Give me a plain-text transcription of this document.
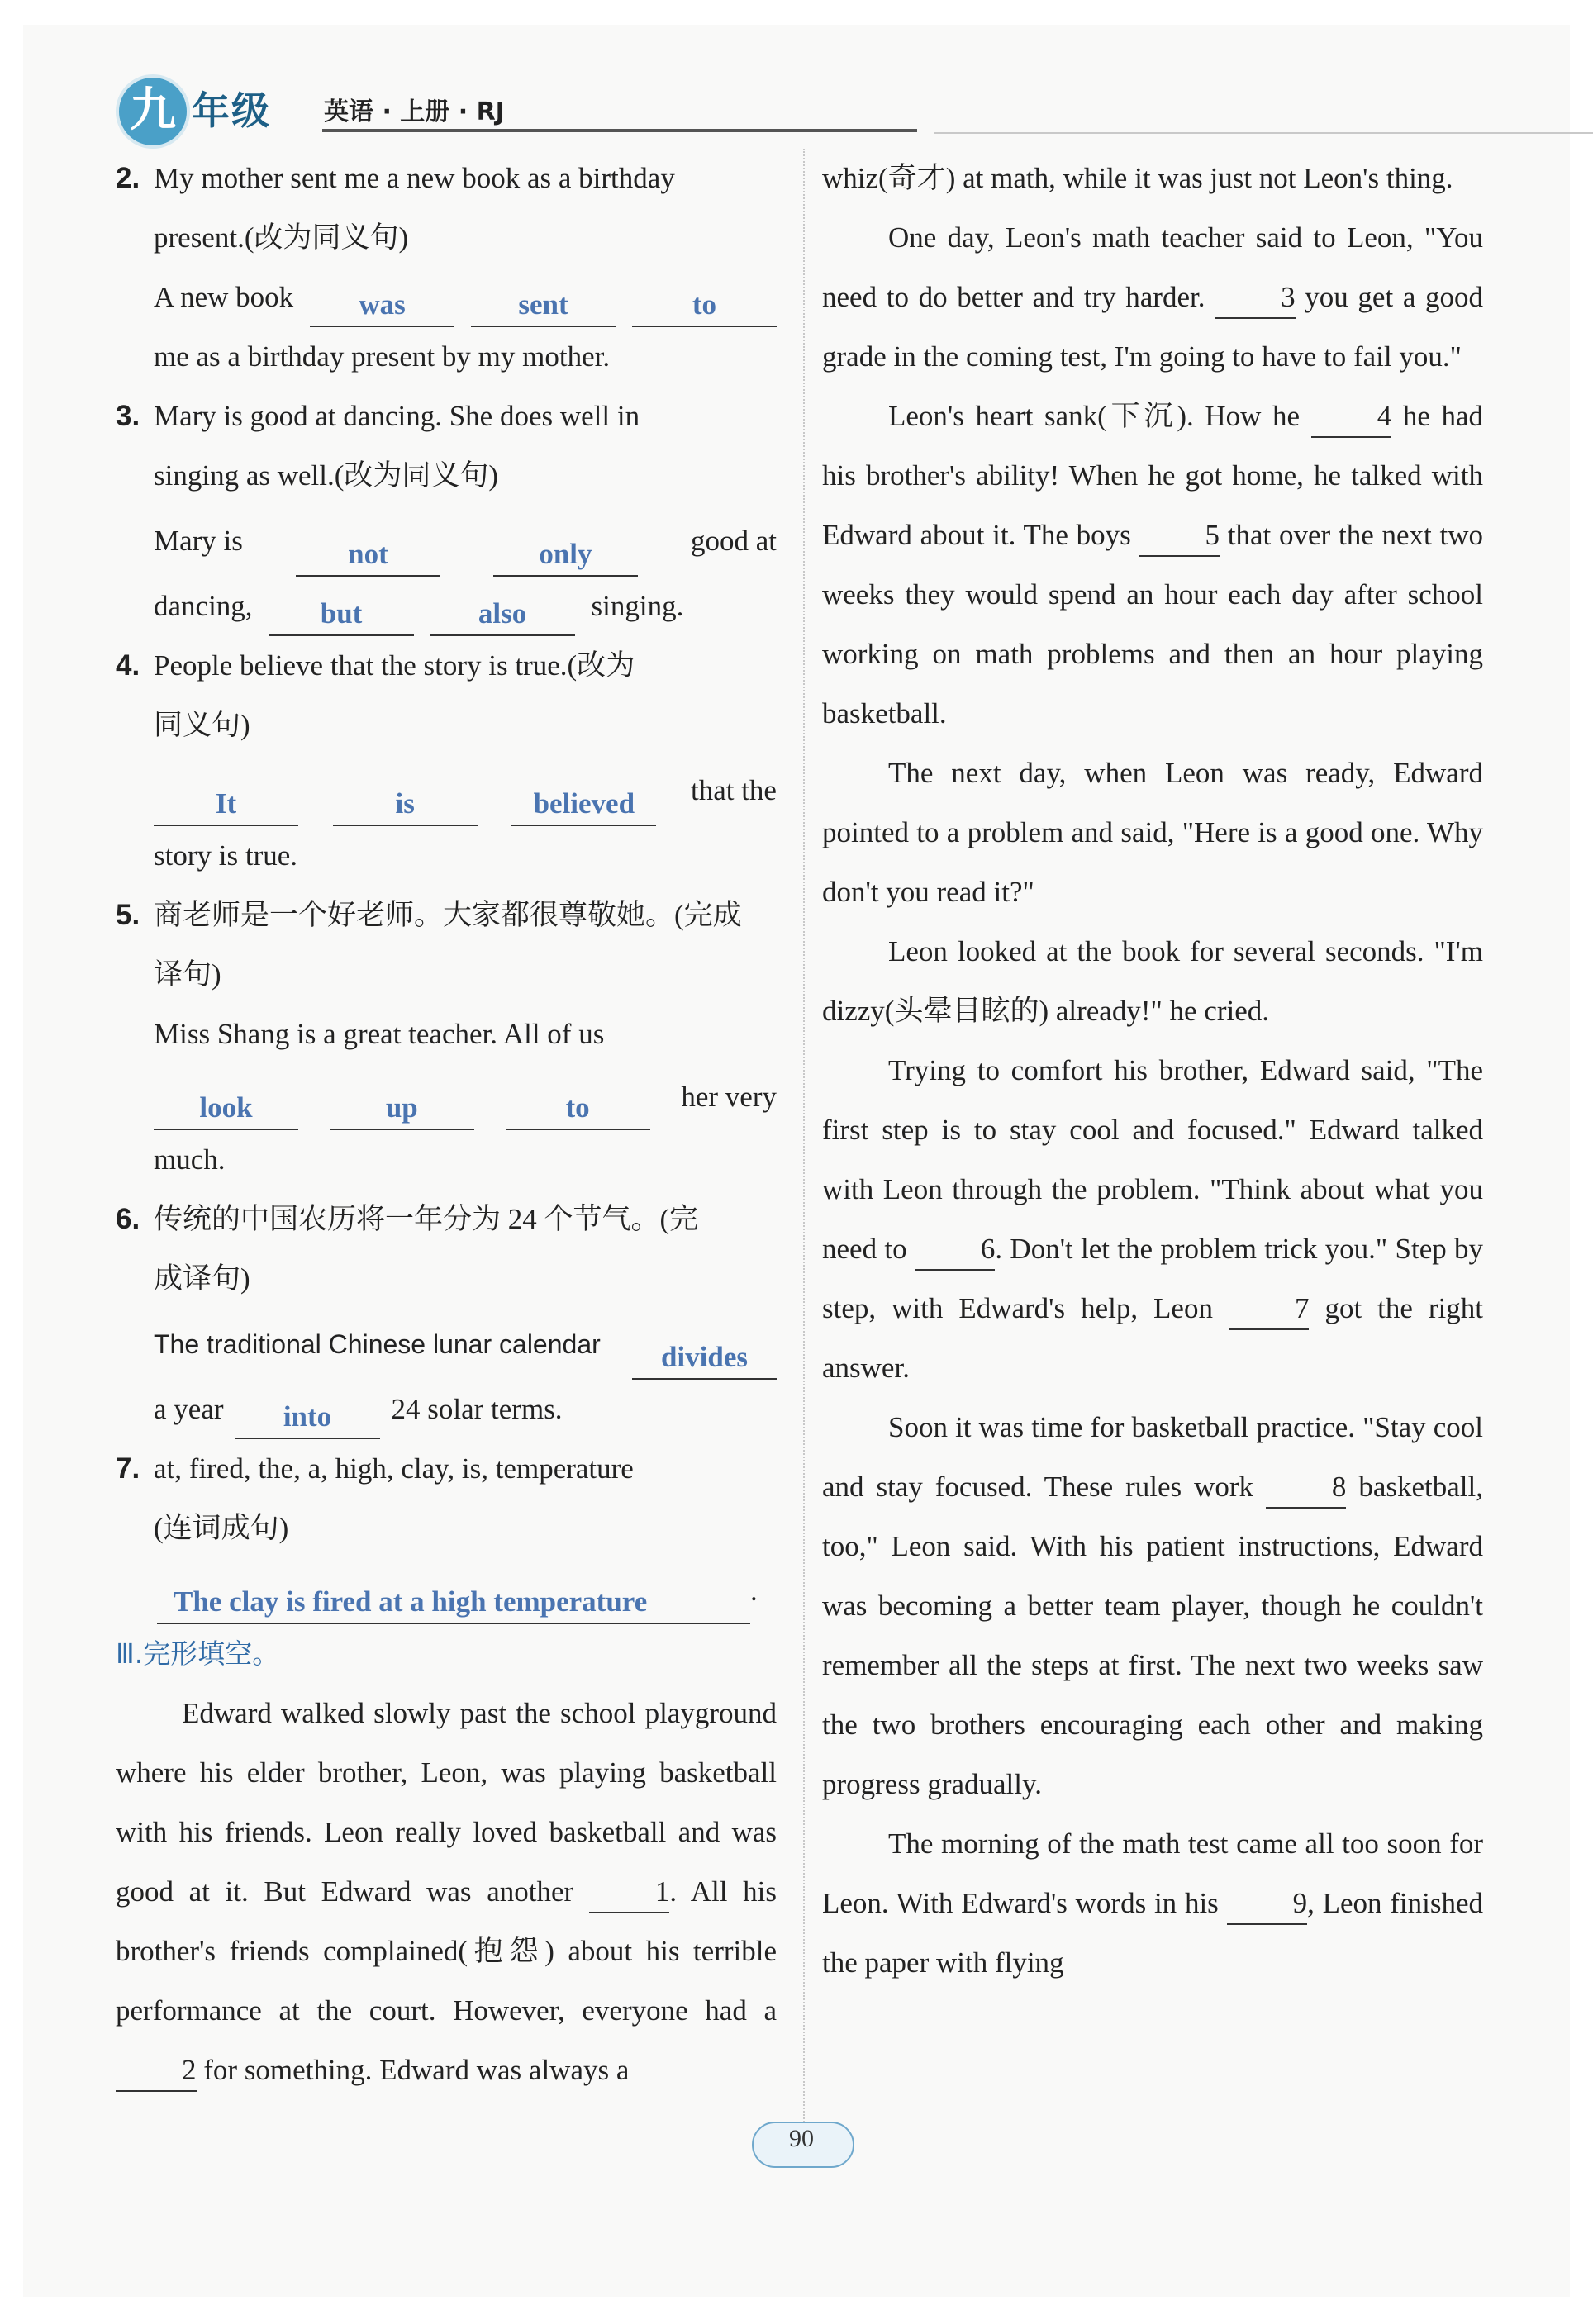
九 年级 英语 · 上册 · RJ
2. My mother sent me a new book as a birthday
present.(改为同义句)
A new book	was	sent	to
me as a birthday present by my mother.
3. Mary is good at dancing. She does well in
singing as well.(改为同义句)
Mary is	not	only	good at
dancing,	but	also	singing.
4. People believe that the story is true.(改为
同义句)
It	is	believed	that the
story is true.
5. 商老师是一个好老师。大家都很尊敬她。(完成
译句)
Miss Shang is a great teacher. All of us
look	up	to	her very
much.
6. 传统的中国农历将一年分为 24 个节气。(完
成译句)
The traditional Chinese lunar calendar	divides
a year	into	24 solar terms.
7. at, fired, the, a, high, clay, is, temperature
(连词成句)
The clay is fired at a high temperature	.
Ⅲ.完形填空。
Edward walked slowly past the school playground where his elder brother, Leon, was playing basketball with his friends. Leon really loved basketball and was good at it. But Edward was another	1. All his brother's friends complained(抱怨) about his terrible performance at the court. However, everyone had a 2 for something. Edward was always a
whiz(奇才) at math, while it was just not Leon's thing.
One day, Leon's math teacher said to Leon, "You need to do better and try harder.	3 you get a good grade in the coming test, I'm going to have to fail you."
Leon's heart sank(下沉). How he	4 he had his brother's ability! When he got home, he talked with Edward about it. The boys	5 that over the next two weeks they would spend an hour each day after school working on math problems and then an hour playing basketball.
The next day, when Leon was ready, Edward pointed to a problem and said, "Here is a good one. Why don't you read it?"
Leon looked at the book for several seconds. "I'm dizzy(头晕目眩的) already!" he cried.
Trying to comfort his brother, Edward said, "The first step is to stay cool and focused." Edward talked with Leon through the problem. "Think about what you need to	6. Don't let the problem trick you." Step by step, with Edward's help, Leon	7 got the right answer.
Soon it was time for basketball practice. "Stay cool and stay focused. These rules work	8 basketball, too," Leon said. With his patient instructions, Edward was becoming a better team player, though he couldn't remember all the steps at first. The next two weeks saw the two brothers encouraging each other and making progress gradually.
The morning of the math test came all too soon for Leon. With Edward's words in his	9, Leon finished the paper with flying
90
